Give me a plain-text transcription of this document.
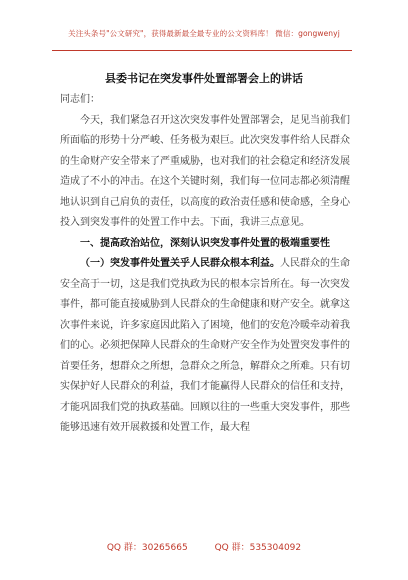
关注头条号"公文研究"，获得最新最全最专业的公文资料库！ 微信：gongwenyj
县委书记在突发事件处置部署会上的讲话

同志们：

今天，我们紧急召开这次突发事件处置部署会，足见当前我们所面临的形势十分严峻、任务极为艰巨。此次突发事件给人民群众的生命财产安全带来了严重威胁，也对我们的社会稳定和经济发展造成了不小的冲击。在这个关键时刻，我们每一位同志都必须清醒地认识到自己肩负的责任，以高度的政治责任感和使命感，全身心投入到突发事件的处置工作中去。下面，我讲三点意见。

一、提高政治站位，深刻认识突发事件处置的极端重要性

（一）突发事件处置关乎人民群众根本利益。人民群众的生命安全高于一切，这是我们党执政为民的根本宗旨所在。每一次突发事件，都可能直接威胁到人民群众的生命健康和财产安全。就拿这次事件来说，许多家庭因此陷入了困境，他们的安危冷暖牵动着我们的心。必须把保障人民群众的生命财产安全作为处置突发事件的首要任务，想群众之所想，急群众之所急，解群众之所难。只有切实保护好人民群众的利益，我们才能赢得人民群众的信任和支持，才能巩固我们党的执政基础。回顾以往的一些重大突发事件，那些能够迅速有效开展救援和处置工作，最大程

QQ 群：30265665	QQ 群：535304092
